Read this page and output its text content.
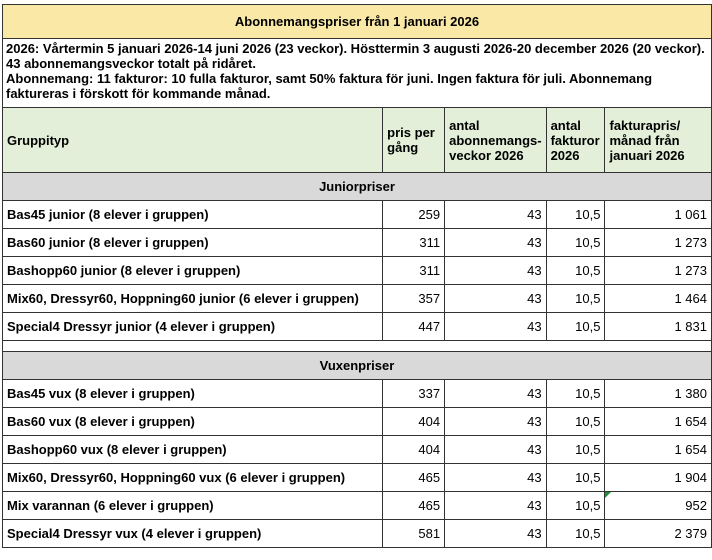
Abonnemangspriser från 1 januari 2026				

2026: Vårtermin 5 januari 2026-14 juni 2026 (23 veckor). Hösttermin 3 augusti 2026-20 december 2026 (20 veckor). 43 abonnemangsveckor totalt på ridåret.
Abonnemang: 11 fakturor: 10 fulla fakturor, samt 50% faktura för juni. Ingen faktura för juli. Abonnemang faktureras i förskott för kommande månad.				

Gruppityp	pris per gång	antal abonnemangs-veckor 2026	antal fakturor 2026	fakturapris/ månad från januari 2026
Juniorpriser				
Bas45 junior (8 elever i gruppen)	259	43	10,5	1 061
Bas60 junior (8 elever i gruppen)	311	43	10,5	1 273
Bashopp60 junior (8 elever i gruppen)	311	43	10,5	1 273
Mix60, Dressyr60, Hoppning60 junior (6 elever i gruppen)	357	43	10,5	1 464
Special4 Dressyr junior (4 elever i gruppen)	447	43	10,5	1 831

Vuxenpriser				
Bas45 vux (8 elever i gruppen)	337	43	10,5	1 380
Bas60 vux (8 elever i gruppen)	404	43	10,5	1 654
Bashopp60 vux (8 elever i gruppen)	404	43	10,5	1 654
Mix60, Dressyr60, Hoppning60 vux (6 elever i gruppen)	465	43	10,5	1 904
Mix varannan (6 elever i gruppen)	465	43	10,5	952
Special4 Dressyr vux (4 elever i gruppen)	581	43	10,5	2 379
